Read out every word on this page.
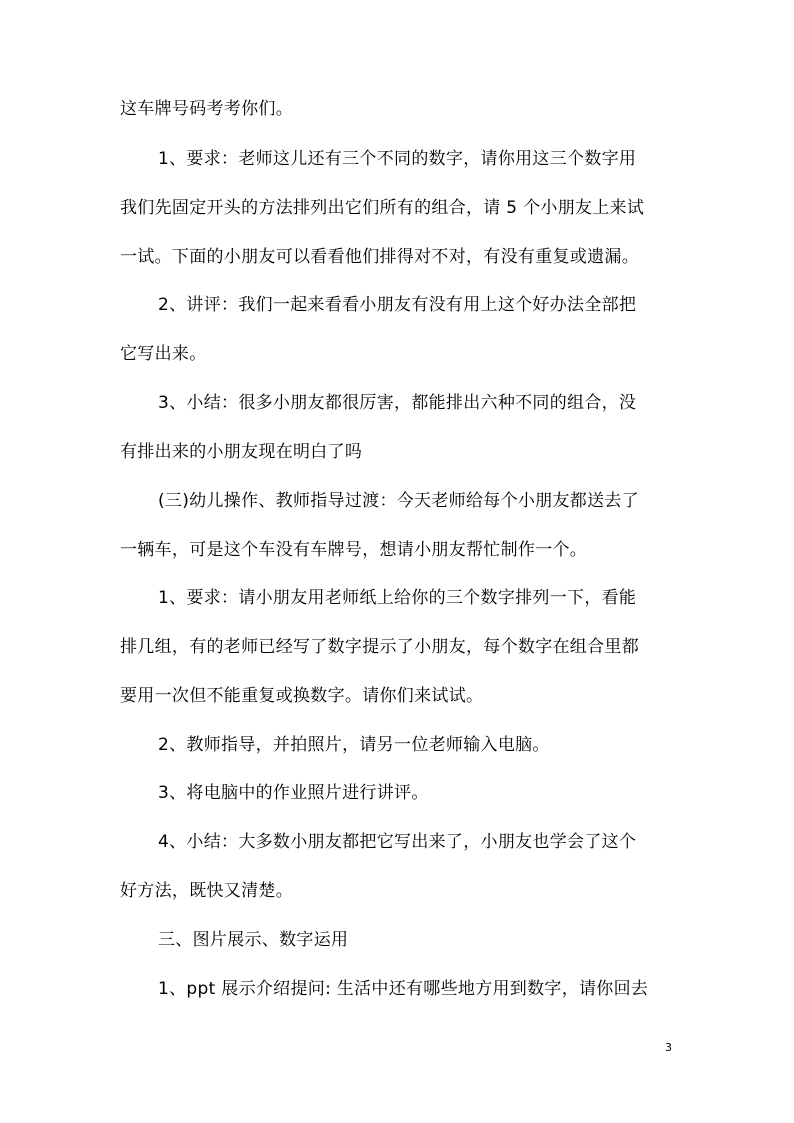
这车牌号码考考你们。
1、要求：老师这儿还有三个不同的数字，请你用这三个数字用
我们先固定开头的方法排列出它们所有的组合，请 5 个小朋友上来试
一试。下面的小朋友可以看看他们排得对不对，有没有重复或遗漏。
2、讲评：我们一起来看看小朋友有没有用上这个好办法全部把
它写出来。
3、小结：很多小朋友都很厉害，都能排出六种不同的组合，没
有排出来的小朋友现在明白了吗
(三)幼儿操作、教师指导过渡：今天老师给每个小朋友都送去了
一辆车，可是这个车没有车牌号，想请小朋友帮忙制作一个。
1、要求：请小朋友用老师纸上给你的三个数字排列一下，看能
排几组，有的老师已经写了数字提示了小朋友，每个数字在组合里都
要用一次但不能重复或换数字。请你们来试试。
2、教师指导，并拍照片，请另一位老师输入电脑。
3、将电脑中的作业照片进行讲评。
4、小结：大多数小朋友都把它写出来了，小朋友也学会了这个
好方法，既快又清楚。
三、图片展示、数字运用
1、ppt 展示介绍提问: 生活中还有哪些地方用到数字，请你回去
3
